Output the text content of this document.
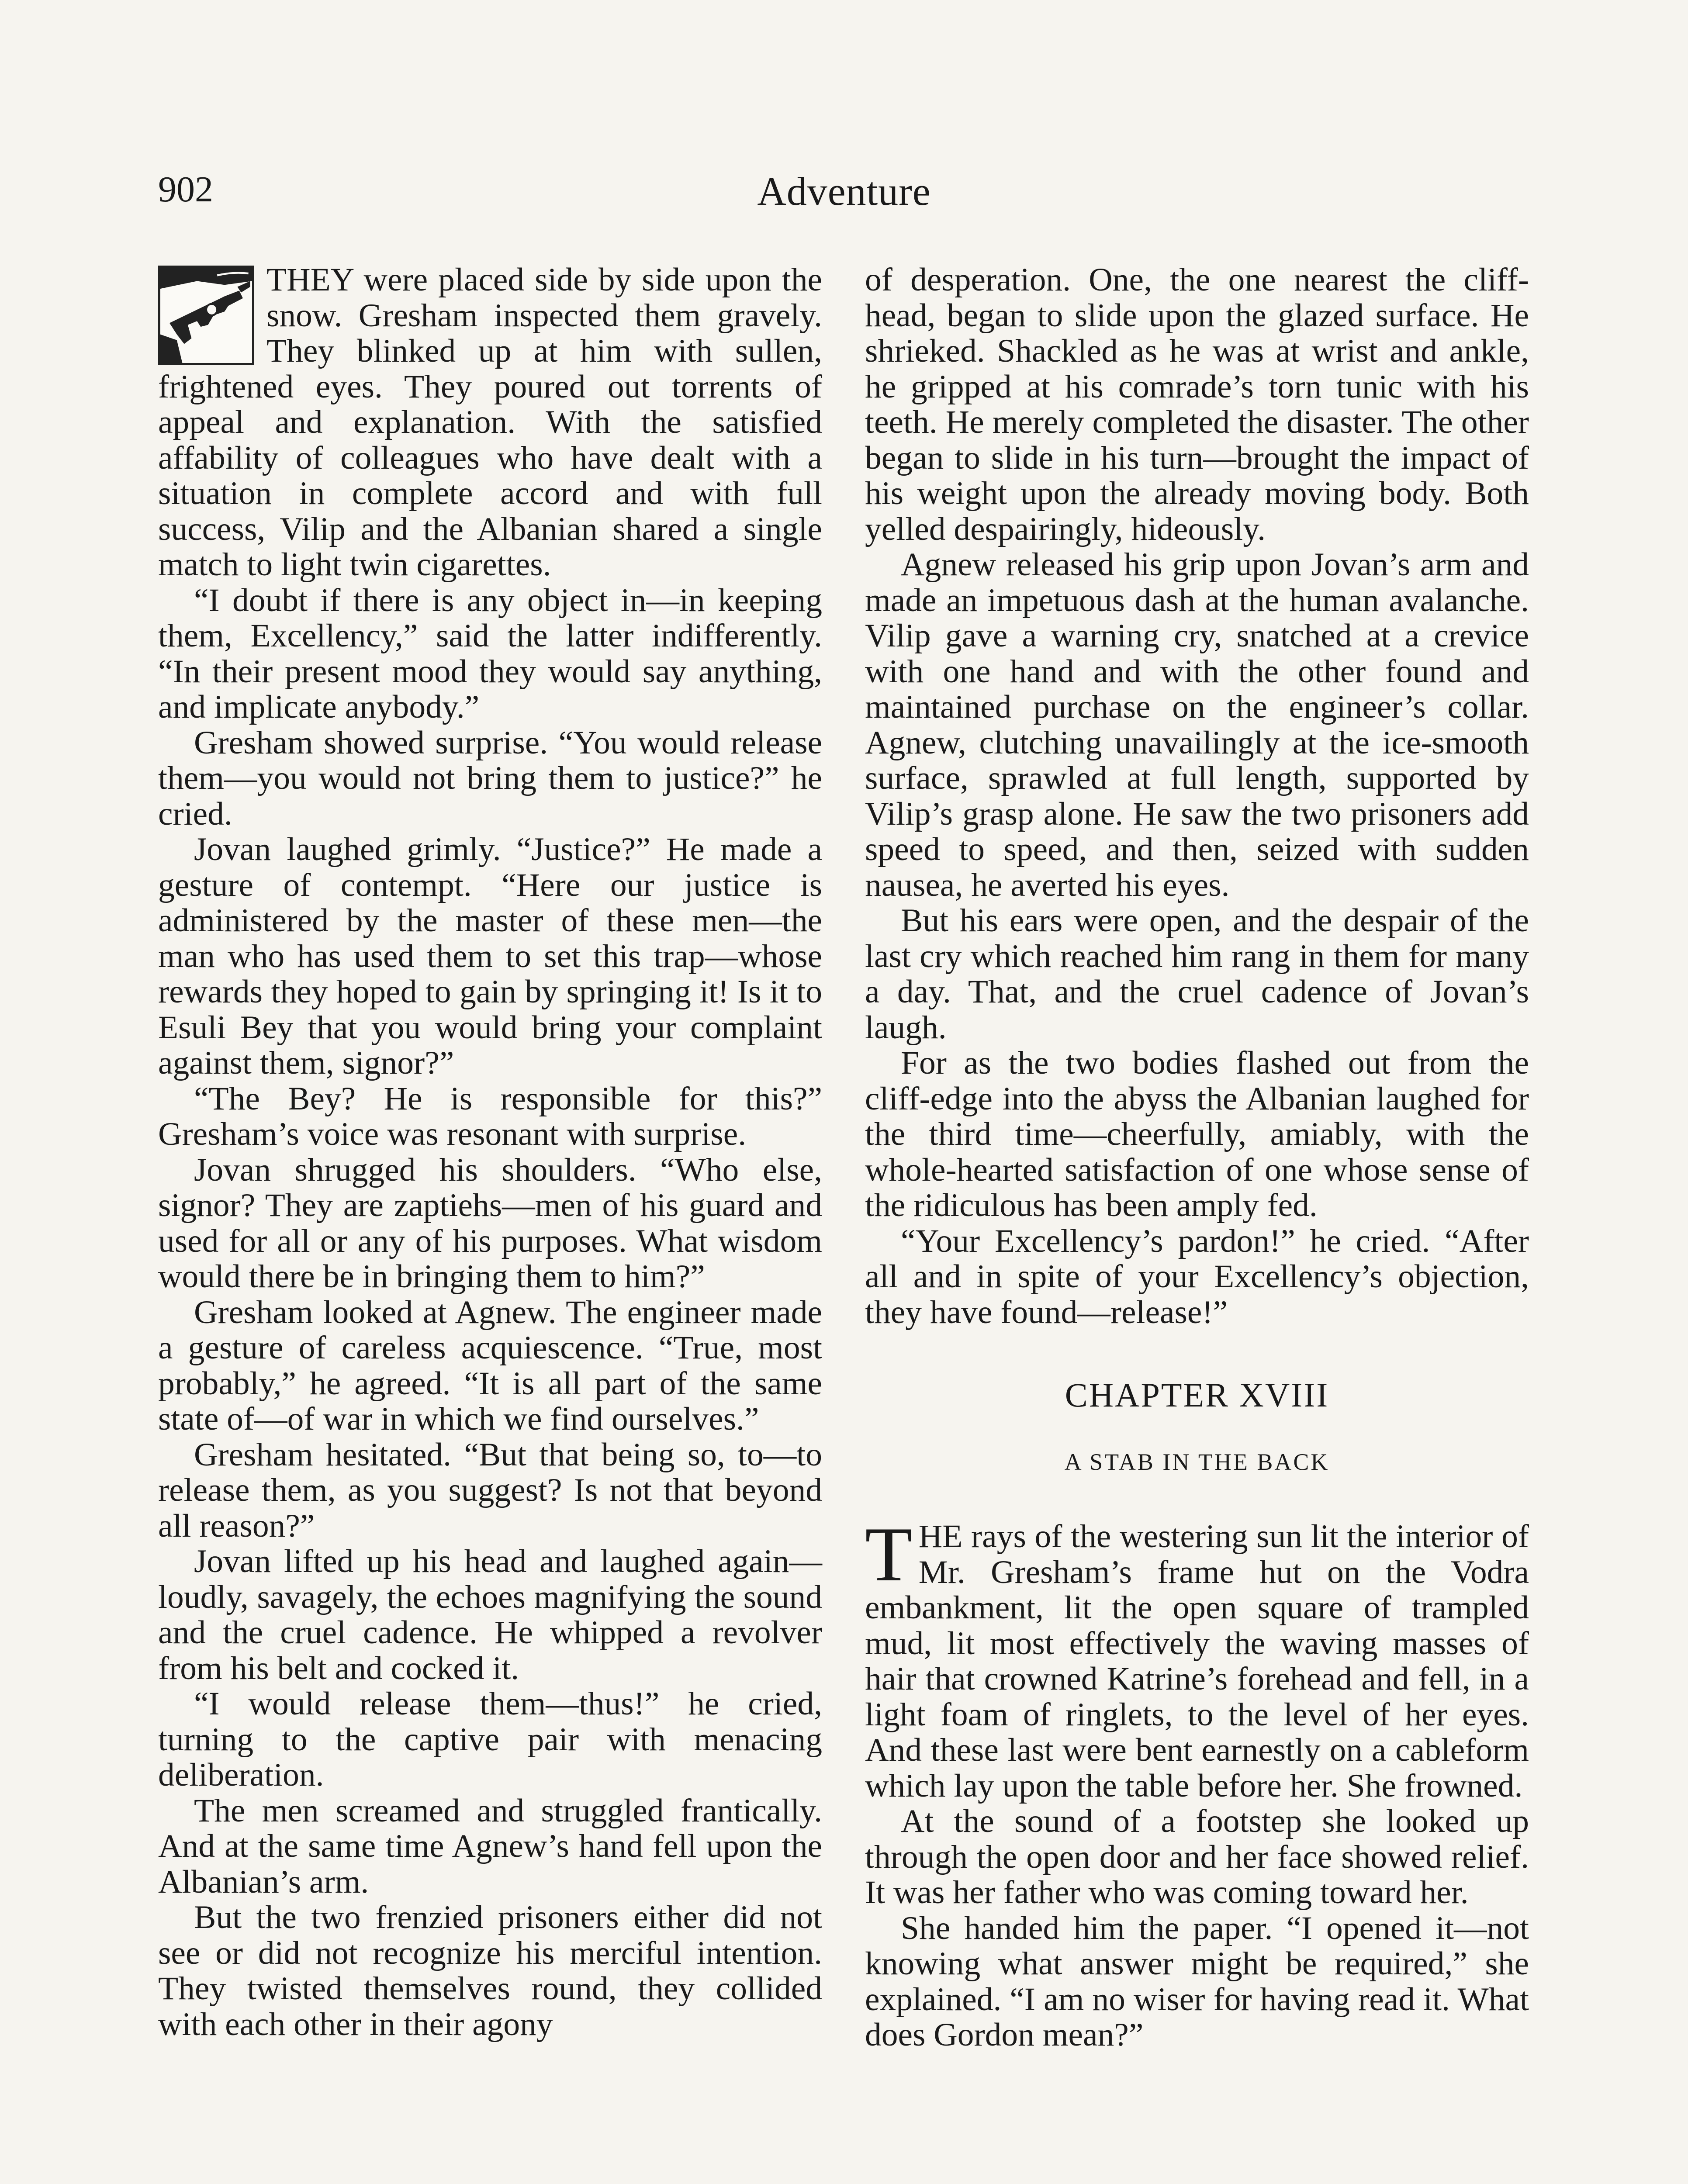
902	Adventure

THEY were placed side by side upon the snow. Gresham inspected them gravely. They blinked up at him with sullen, frightened eyes. They poured out torrents of appeal and explanation. With the satisfied affability of colleagues who have dealt with a situation in complete accord and with full success, Vilip and the Albanian shared a single match to light twin cigarettes.

“I doubt if there is any object in—in keeping them, Excellency,” said the latter indifferently. “In their present mood they would say anything, and implicate anybody.”

Gresham showed surprise. “You would release them—you would not bring them to justice?” he cried.

Jovan laughed grimly. “Justice?” He made a gesture of contempt. “Here our justice is administered by the master of these men—the man who has used them to set this trap—whose rewards they hoped to gain by springing it! Is it to Esuli Bey that you would bring your complaint against them, signor?”

“The Bey? He is responsible for this?” Gresham’s voice was resonant with surprise.

Jovan shrugged his shoulders. “Who else, signor? They are zaptiehs—men of his guard and used for all or any of his purposes. What wisdom would there be in bringing them to him?”

Gresham looked at Agnew. The engineer made a gesture of careless acquiescence. “True, most probably,” he agreed. “It is all part of the same state of—of war in which we find ourselves.”

Gresham hesitated. “But that being so, to—to release them, as you suggest? Is not that beyond all reason?”

Jovan lifted up his head and laughed again—loudly, savagely, the echoes magnifying the sound and the cruel cadence. He whipped a revolver from his belt and cocked it.

“I would release them—thus!” he cried, turning to the captive pair with menacing deliberation.

The men screamed and struggled frantically. And at the same time Agnew’s hand fell upon the Albanian’s arm.

But the two frenzied prisoners either did not see or did not recognize his merciful intention. They twisted themselves round, they collided with each other in their agony

of desperation. One, the one nearest the cliff-head, began to slide upon the glazed surface. He shrieked. Shackled as he was at wrist and ankle, he gripped at his comrade’s torn tunic with his teeth. He merely completed the disaster. The other began to slide in his turn—brought the impact of his weight upon the already moving body. Both yelled despairingly, hideously.

Agnew released his grip upon Jovan’s arm and made an impetuous dash at the human avalanche. Vilip gave a warning cry, snatched at a crevice with one hand and with the other found and maintained purchase on the engineer’s collar. Agnew, clutching unavailingly at the ice-smooth surface, sprawled at full length, supported by Vilip’s grasp alone. He saw the two prisoners add speed to speed, and then, seized with sudden nausea, he averted his eyes.

But his ears were open, and the despair of the last cry which reached him rang in them for many a day. That, and the cruel cadence of Jovan’s laugh.

For as the two bodies flashed out from the cliff-edge into the abyss the Albanian laughed for the third time—cheerfully, amiably, with the whole-hearted satisfaction of one whose sense of the ridiculous has been amply fed.

“Your Excellency’s pardon!” he cried. “After all and in spite of your Excellency’s objection, they have found—release!”

CHAPTER XVIII
A STAB IN THE BACK

THE rays of the westering sun lit the interior of Mr. Gresham’s frame hut on the Vodra embankment, lit the open square of trampled mud, lit most effectively the waving masses of hair that crowned Katrine’s forehead and fell, in a light foam of ringlets, to the level of her eyes. And these last were bent earnestly on a cableform which lay upon the table before her. She frowned.

At the sound of a footstep she looked up through the open door and her face showed relief. It was her father who was coming toward her.

She handed him the paper. “I opened it—not knowing what answer might be required,” she explained. “I am no wiser for having read it. What does Gordon mean?”
